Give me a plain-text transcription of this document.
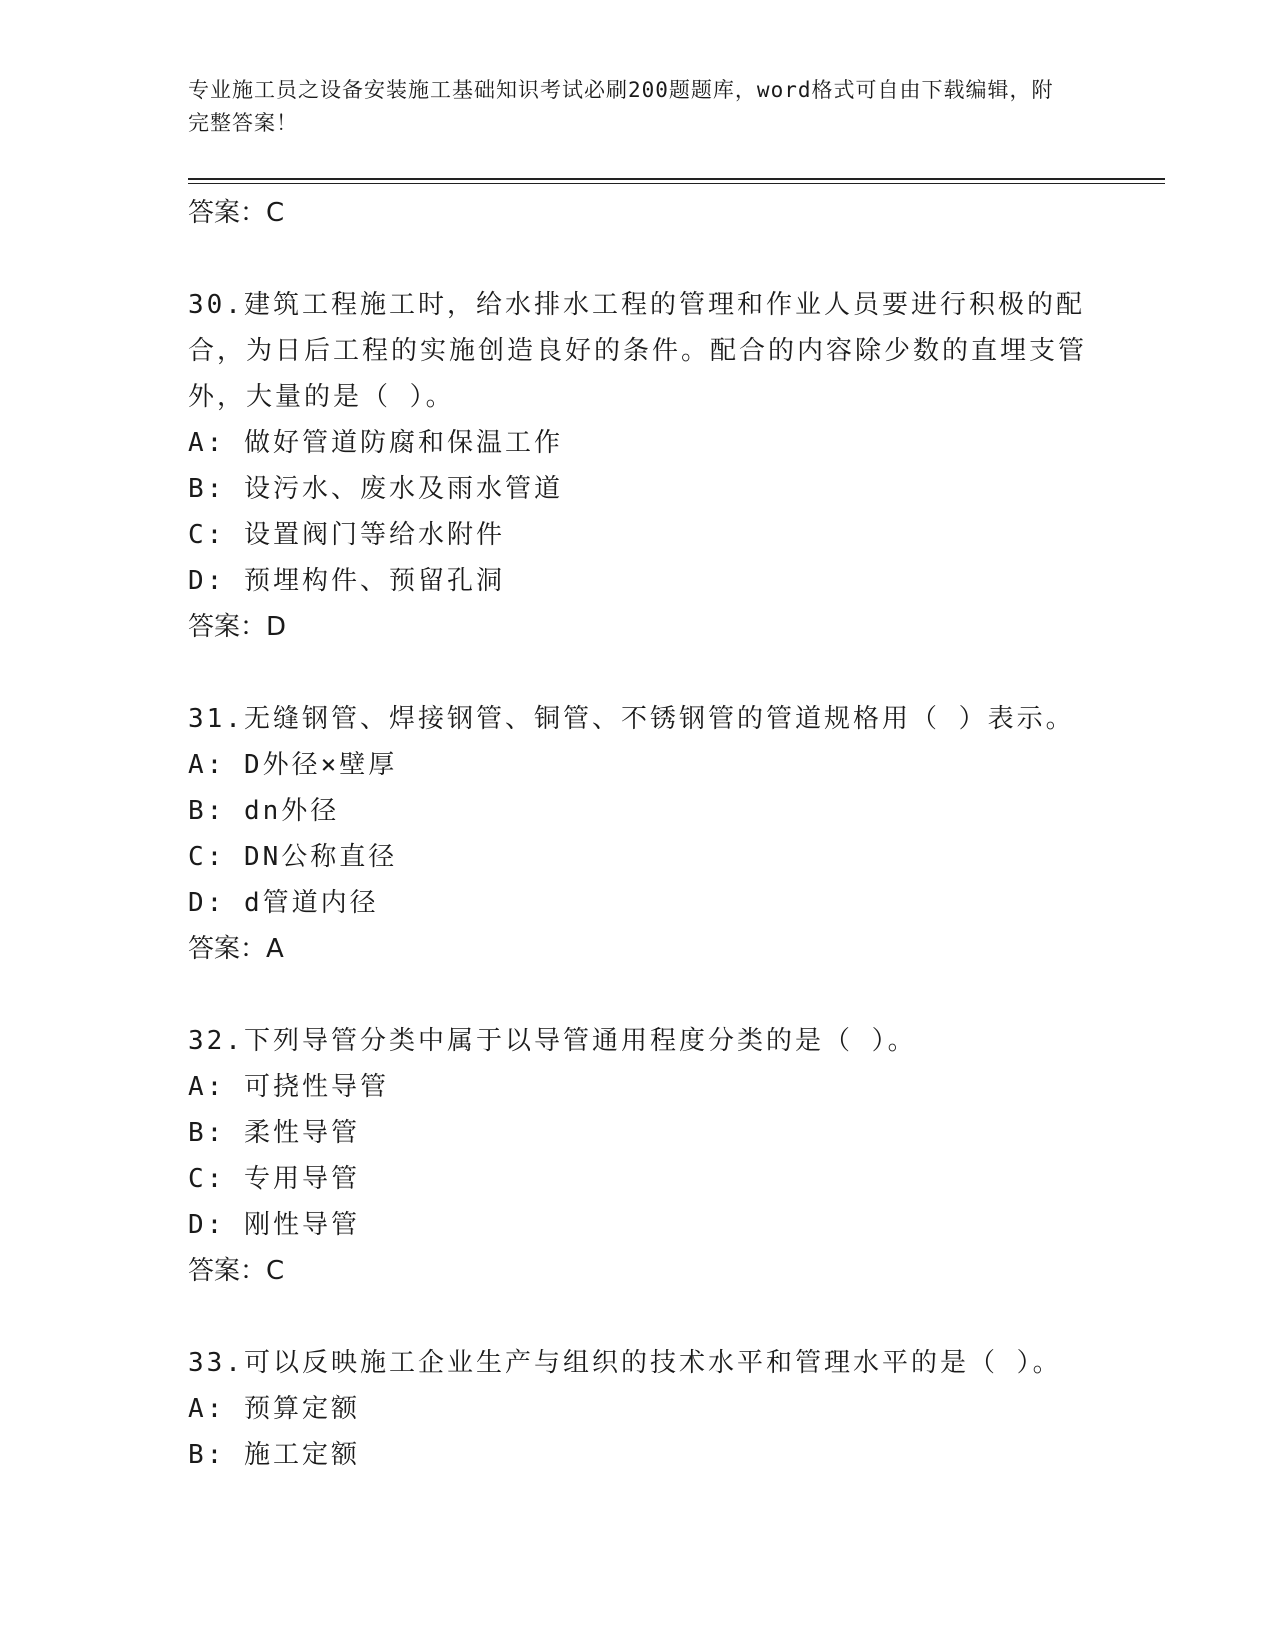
专业施工员之设备安装施工基础知识考试必刷200题题库，word格式可自由下载编辑，附完整答案！
答案：C
30.建筑工程施工时，给水排水工程的管理和作业人员要进行积极的配合，为日后工程的实施创造良好的条件。配合的内容除少数的直埋支管外，大量的是（ ）。
A: 做好管道防腐和保温工作
B: 设污水、废水及雨水管道
C: 设置阀门等给水附件
D: 预埋构件、预留孔洞
答案：D
31.无缝钢管、焊接钢管、铜管、不锈钢管的管道规格用（ ）表示。
A: D外径×壁厚
B: dn外径
C: DN公称直径
D: d管道内径
答案：A
32.下列导管分类中属于以导管通用程度分类的是（ ）。
A: 可挠性导管
B: 柔性导管
C: 专用导管
D: 刚性导管
答案：C
33.可以反映施工企业生产与组织的技术水平和管理水平的是（ ）。
A: 预算定额
B: 施工定额
